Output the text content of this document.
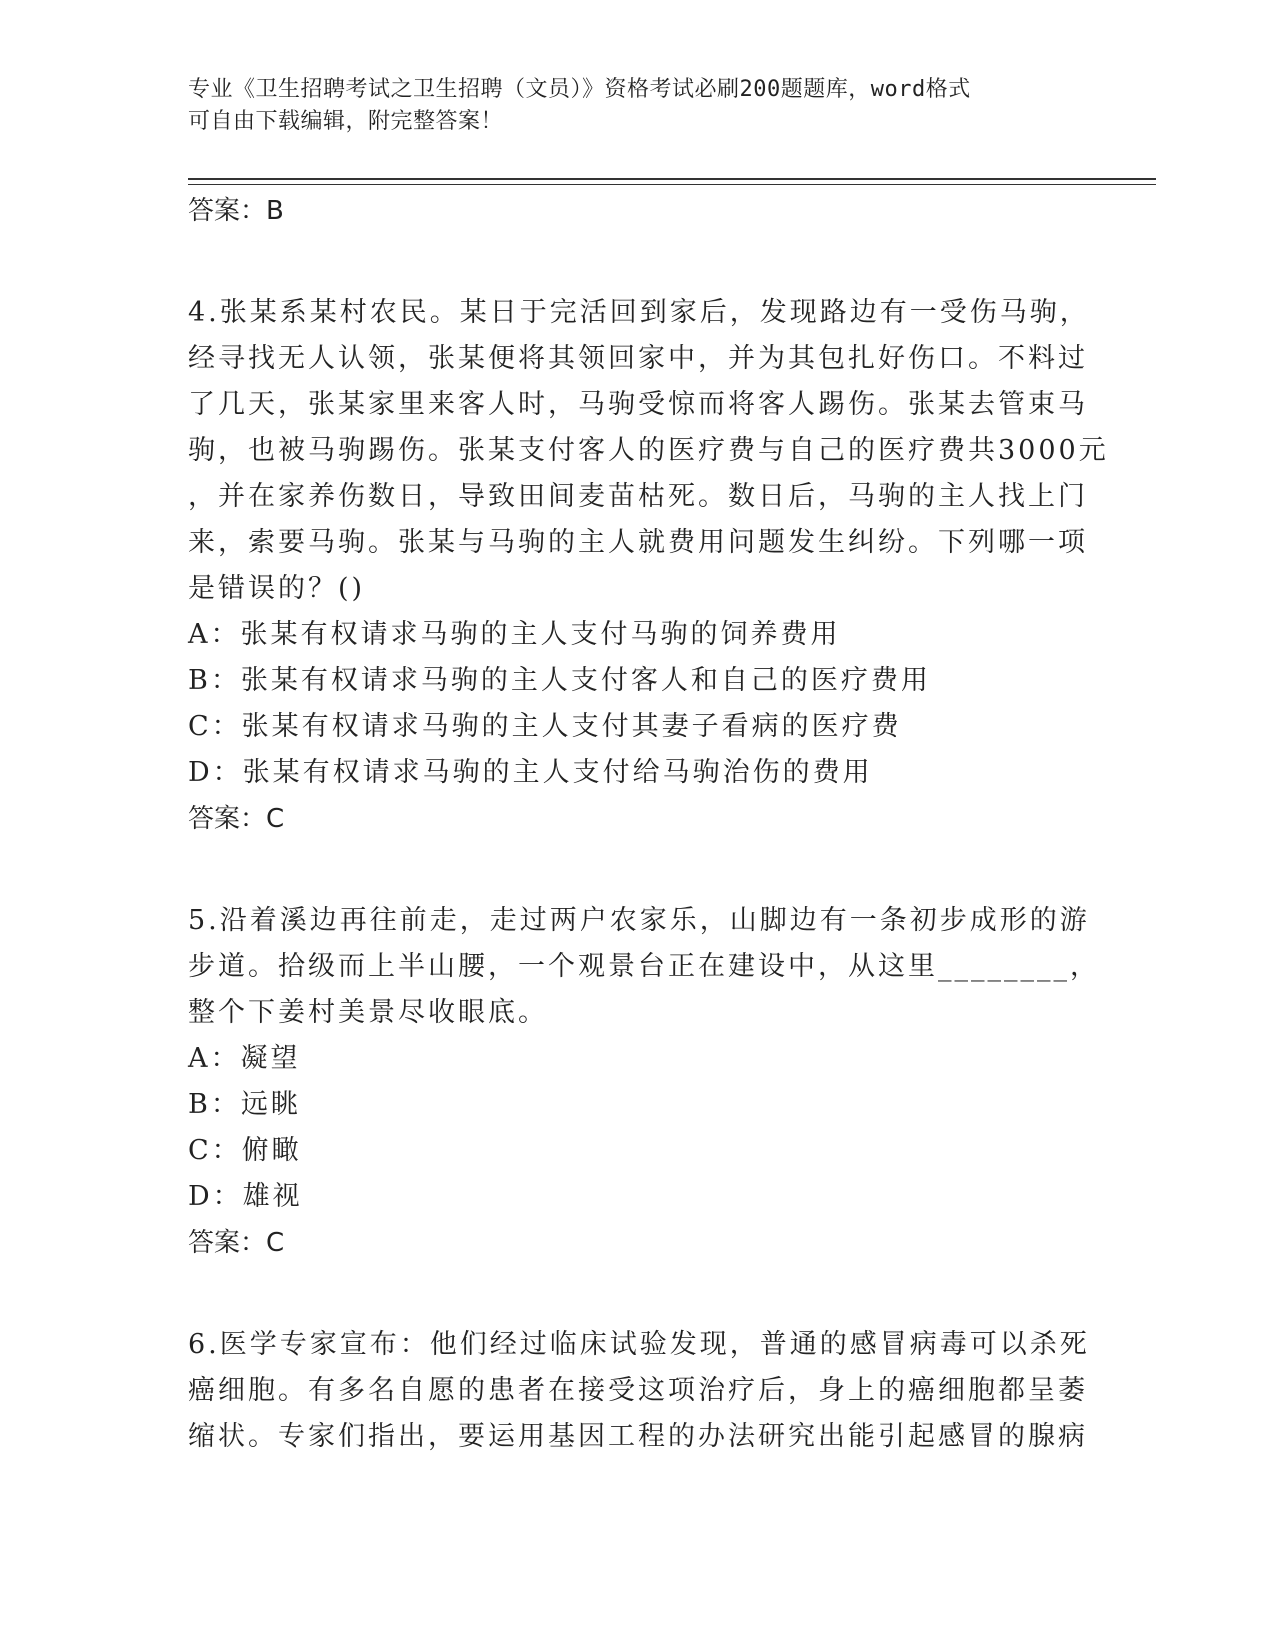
专业《卫生招聘考试之卫生招聘（文员）》资格考试必刷200题题库，word格式
可自由下载编辑，附完整答案！
答案：B
4.张某系某村农民。某日于完活回到家后，发现路边有一受伤马驹，
经寻找无人认领，张某便将其领回家中，并为其包扎好伤口。不料过
了几天，张某家里来客人时，马驹受惊而将客人踢伤。张某去管束马
驹，也被马驹踢伤。张某支付客人的医疗费与自己的医疗费共3000元
，并在家养伤数日，导致田间麦苗枯死。数日后，马驹的主人找上门
来，索要马驹。张某与马驹的主人就费用问题发生纠纷。下列哪一项
是错误的？()
A：张某有权请求马驹的主人支付马驹的饲养费用
B：张某有权请求马驹的主人支付客人和自己的医疗费用
C：张某有权请求马驹的主人支付其妻子看病的医疗费
D：张某有权请求马驹的主人支付给马驹治伤的费用
答案：C
5.沿着溪边再往前走，走过两户农家乐，山脚边有一条初步成形的游
步道。拾级而上半山腰，一个观景台正在建设中，从这里________，
整个下姜村美景尽收眼底。
A：凝望
B：远眺
C：俯瞰
D：雄视
答案：C
6.医学专家宣布：他们经过临床试验发现，普通的感冒病毒可以杀死
癌细胞。有多名自愿的患者在接受这项治疗后，身上的癌细胞都呈萎
缩状。专家们指出，要运用基因工程的办法研究出能引起感冒的腺病
